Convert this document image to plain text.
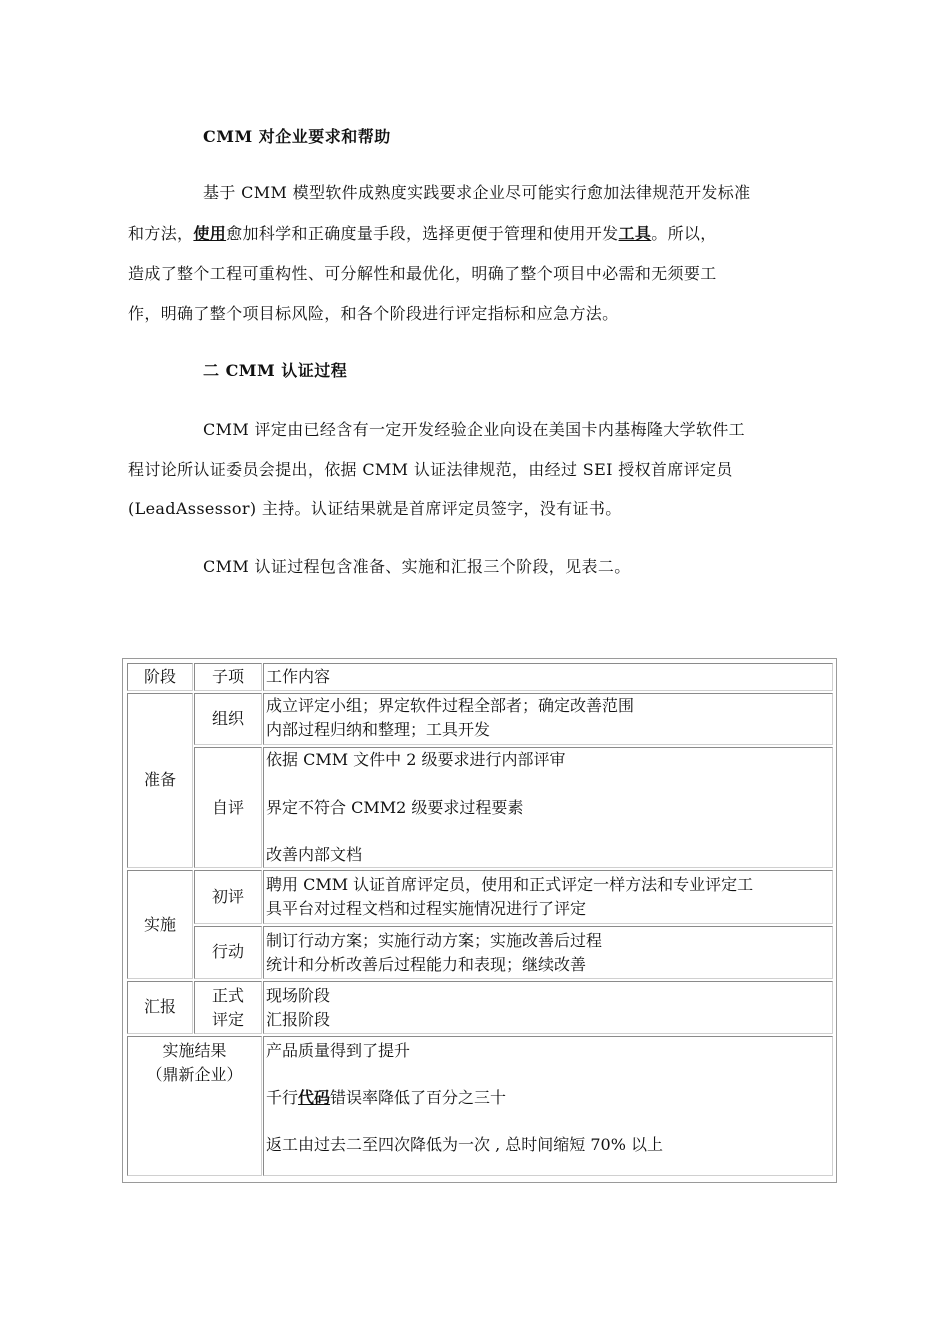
CMM 对企业要求和帮助
基于 CMM 模型软件成熟度实践要求企业尽可能实行愈加法律规范开发标准
和方法，使用愈加科学和正确度量手段，选择更便于管理和使用开发工具。所以，
造成了整个工程可重构性、可分解性和最优化，明确了整个项目中必需和无须要工
作，明确了整个项目标风险，和各个阶段进行评定指标和应急方法。
二 CMM 认证过程
CMM 评定由已经含有一定开发经验企业向设在美国卡内基梅隆大学软件工
程讨论所认证委员会提出，依据 CMM 认证法律规范，由经过 SEI 授权首席评定员
(LeadAssessor) 主持。认证结果就是首席评定员签字，没有证书。
CMM 认证过程包含准备、实施和汇报三个阶段，见表二。
阶段	子项	工作内容
准备
组织
成立评定小组；界定软件过程全部者；确定改善范围
内部过程归纳和整理；工具开发
自评
依据 CMM 文件中 2 级要求进行内部评审
界定不符合 CMM2 级要求过程要素
改善内部文档
实施
初评
聘用 CMM 认证首席评定员，使用和正式评定一样方法和专业评定工
具平台对过程文档和过程实施情况进行了评定
行动
制订行动方案；实施行动方案；实施改善后过程
统计和分析改善后过程能力和表现；继续改善
汇报
正式
评定
现场阶段
汇报阶段
实施结果
（鼎新企业）
产品质量得到了提升
千行代码错误率降低了百分之三十
返工由过去二至四次降低为一次 , 总时间缩短 70% 以上
